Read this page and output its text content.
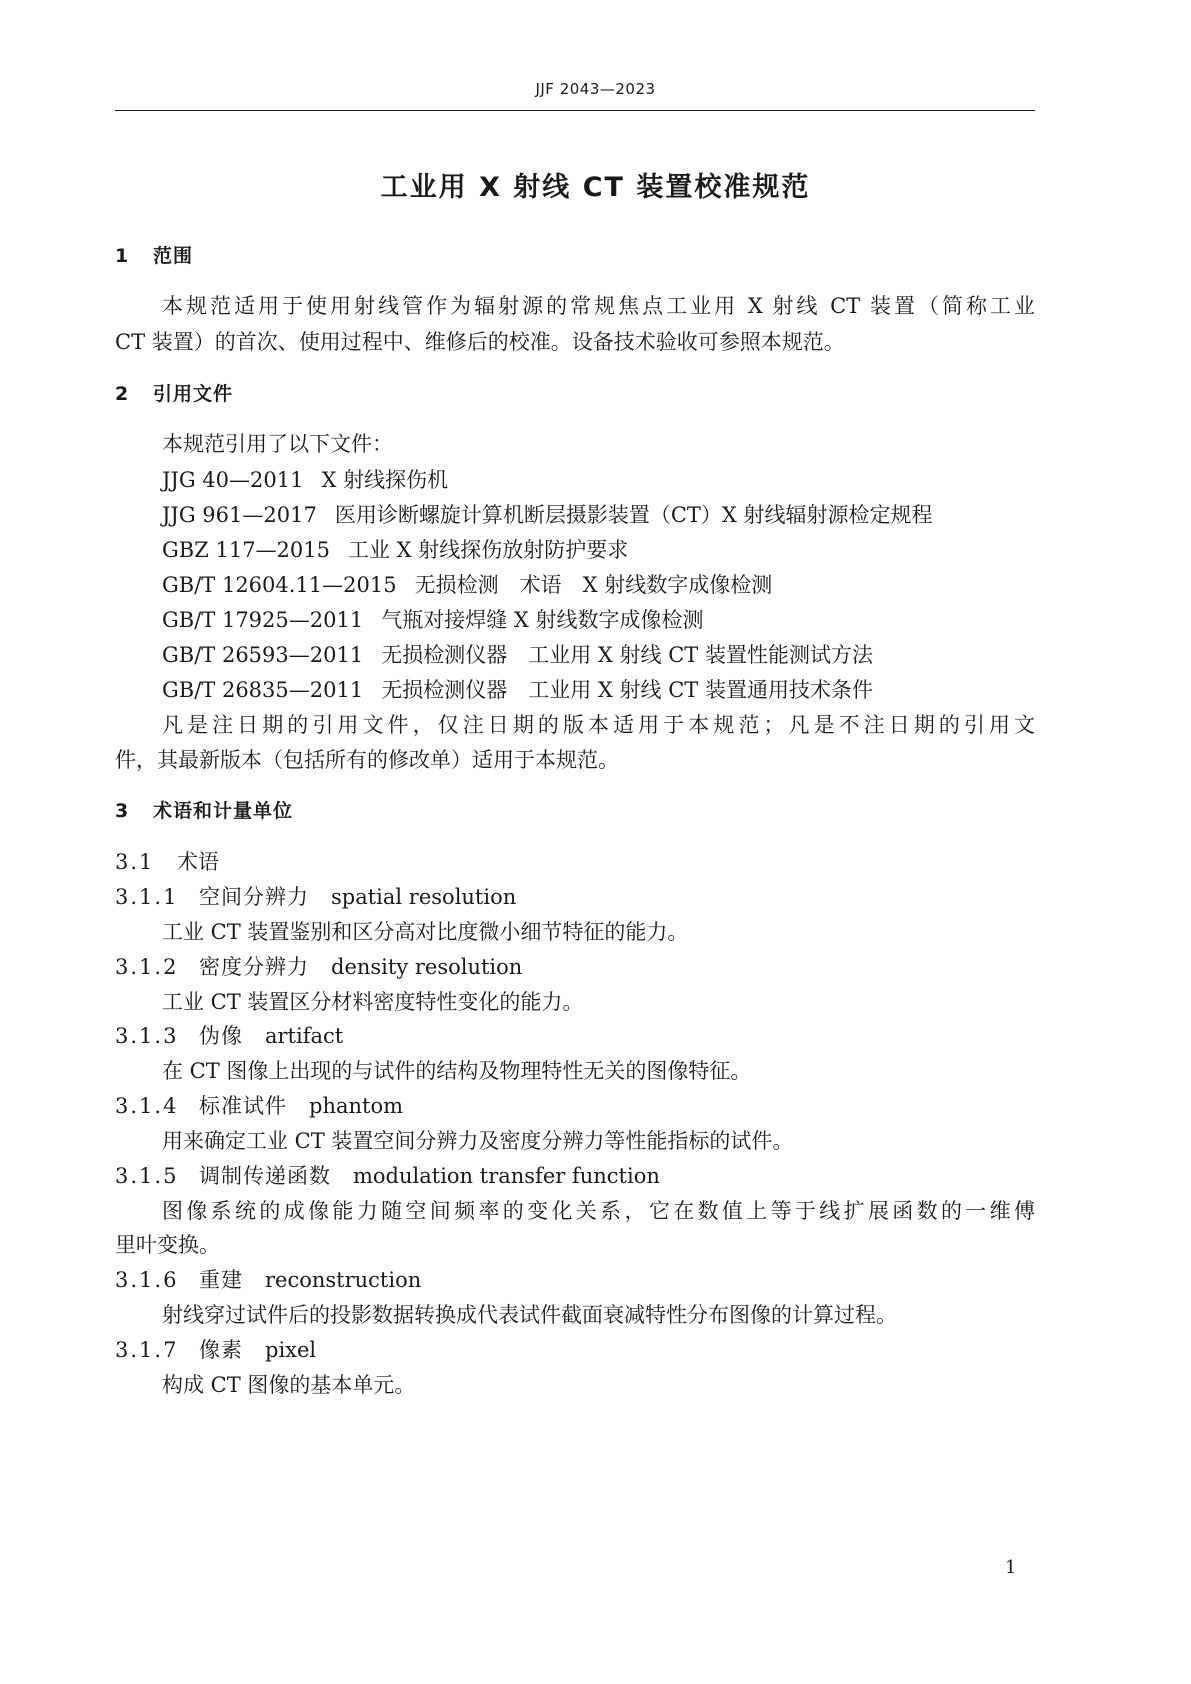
JJF 2043—2023
工业用 X 射线 CT 装置校准规范
1 范围
本规范适用于使用射线管作为辐射源的常规焦点工业用 X 射线 CT 装置（简称工业
CT 装置）的首次、使用过程中、维修后的校准。设备技术验收可参照本规范。
2 引用文件
本规范引用了以下文件：
JJG 40—2011 X 射线探伤机
JJG 961—2017 医用诊断螺旋计算机断层摄影装置（CT）X 射线辐射源检定规程
GBZ 117—2015 工业 X 射线探伤放射防护要求
GB/T 12604.11—2015 无损检测　术语　X 射线数字成像检测
GB/T 17925—2011 气瓶对接焊缝 X 射线数字成像检测
GB/T 26593—2011 无损检测仪器　工业用 X 射线 CT 装置性能测试方法
GB/T 26835—2011 无损检测仪器　工业用 X 射线 CT 装置通用技术条件
凡是注日期的引用文件，仅注日期的版本适用于本规范；凡是不注日期的引用文
件，其最新版本（包括所有的修改单）适用于本规范。
3 术语和计量单位
3.1 术语
3.1.1 空间分辨力 spatial resolution
工业 CT 装置鉴别和区分高对比度微小细节特征的能力。
3.1.2 密度分辨力 density resolution
工业 CT 装置区分材料密度特性变化的能力。
3.1.3 伪像 artifact
在 CT 图像上出现的与试件的结构及物理特性无关的图像特征。
3.1.4 标准试件 phantom
用来确定工业 CT 装置空间分辨力及密度分辨力等性能指标的试件。
3.1.5 调制传递函数 modulation transfer function
图像系统的成像能力随空间频率的变化关系，它在数值上等于线扩展函数的一维傅
里叶变换。
3.1.6 重建 reconstruction
射线穿过试件后的投影数据转换成代表试件截面衰减特性分布图像的计算过程。
3.1.7 像素 pixel
构成 CT 图像的基本单元。
1
